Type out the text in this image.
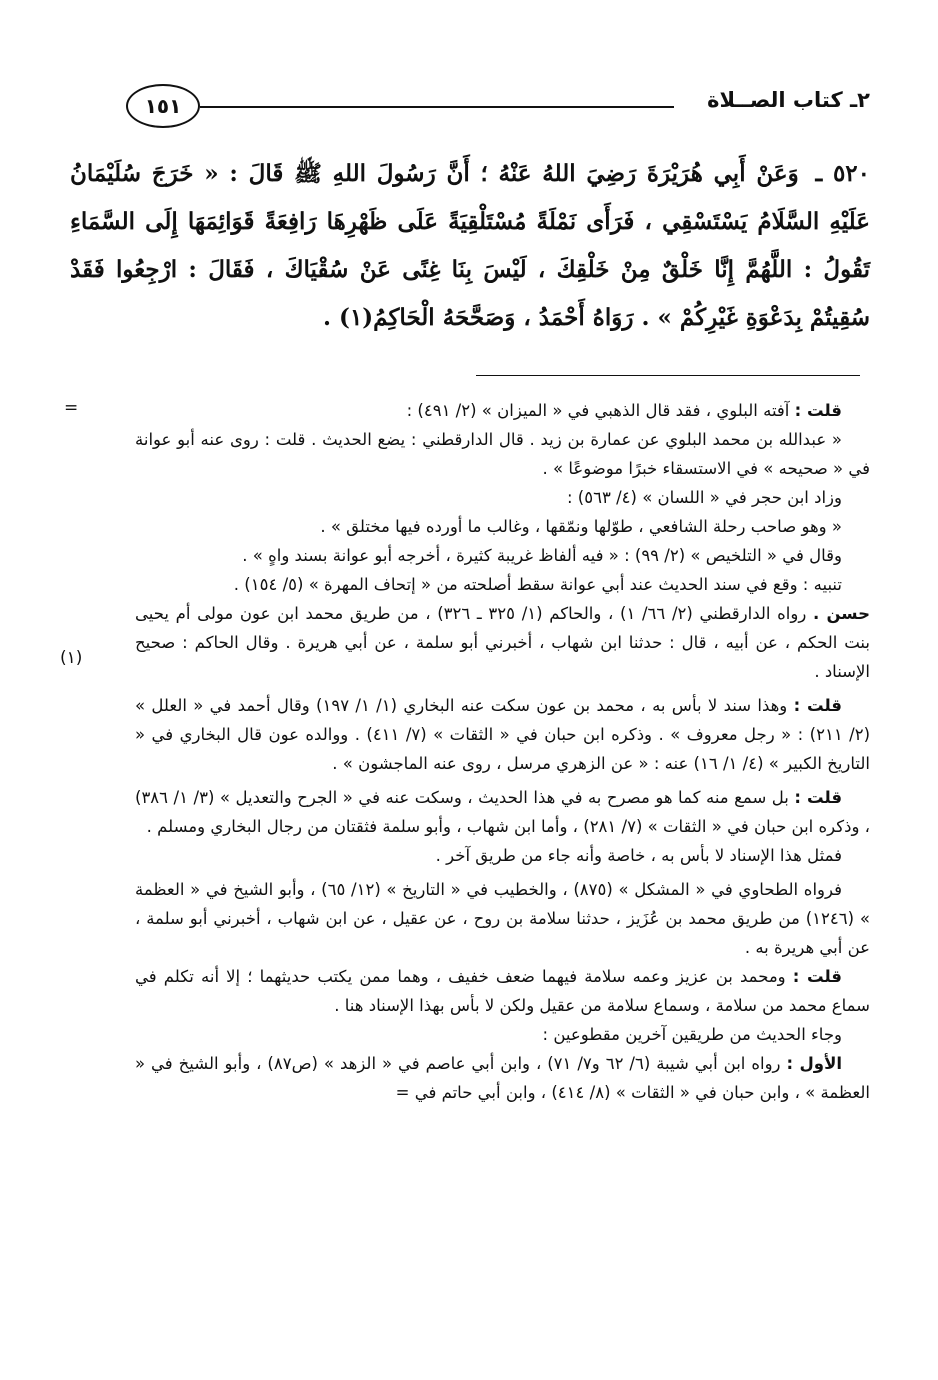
٢ـ كتاب الصــلاة
١٥١
٥٢٠ ـ وَعَنْ أَبِي هُرَيْرَةَ رَضِيَ اللهُ عَنْهُ ؛ أَنَّ رَسُولَ اللهِ ﷺ قَالَ : « خَرَجَ سُلَيْمَانُ عَلَيْهِ السَّلَامُ يَسْتَسْقِي ، فَرَأَى نَمْلَةً مُسْتَلْقِيَةً عَلَى ظَهْرِهَا رَافِعَةً قَوَائِمَهَا إِلَى السَّمَاءِ تَقُولُ : اللَّهُمَّ إِنَّا خَلْقٌ مِنْ خَلْقِكَ ، لَيْسَ بِنَا غِنًى عَنْ سُقْيَاكَ ، فَقَالَ : ارْجِعُوا فَقَدْ سُقِيتُمْ بِدَعْوَةِ غَيْرِكُمْ » . رَوَاهُ أَحْمَدُ ، وَصَحَّحَهُ الْحَاكِمُ(١) .
=
(١)

قلت : آفته البلوي ، فقد قال الذهبي في « الميزان » (٢/ ٤٩١) :

« عبدالله بن محمد البلوي عن عمارة بن زيد . قال الدارقطني : يضع الحديث . قلت : روى عنه أبو عوانة في « صحيحه » في الاستسقاء خبرًا موضوعًا » .

وزاد ابن حجر في « اللسان » (٤/ ٥٦٣) :

« وهو صاحب رحلة الشافعي ، طوّلها ونمّقها ، وغالب ما أورده فيها مختلق » .

وقال في « التلخيص » (٢/ ٩٩) : « فيه ألفاظ غريبة كثيرة ، أخرجه أبو عوانة بسند واهٍ » .

تنبيه : وقع في سند الحديث عند أبي عوانة سقط أصلحته من « إتحاف المهرة » (٥/ ١٥٤) .

حسن . رواه الدارقطني (٢/ ٦٦/ ١) ، والحاكم (١/ ٣٢٥ ـ ٣٢٦) ، من طريق محمد ابن عون مولى أم يحيى بنت الحكم ، عن أبيه ، قال : حدثنا ابن شهاب ، أخبرني أبو سلمة ، عن أبي هريرة . وقال الحاكم : صحيح الإسناد .

قلت : وهذا سند لا بأس به ، محمد بن عون سكت عنه البخاري (١/ ١/ ١٩٧) وقال أحمد في « العلل » (٢/ ٢١١) : « رجل معروف » . وذكره ابن حبان في « الثقات » (٧/ ٤١١) . ووالده عون قال البخاري في « التاريخ الكبير » (٤/ ١/ ١٦) عنه : « عن الزهري مرسل ، روى عنه الماجشون » .

قلت : بل سمع منه كما هو مصرح به في هذا الحديث ، وسكت عنه في « الجرح والتعديل » (٣/ ١/ ٣٨٦) ، وذكره ابن حبان في « الثقات » (٧/ ٢٨١) ، وأما ابن شهاب ، وأبو سلمة فثقتان من رجال البخاري ومسلم .

فمثل هذا الإسناد لا بأس به ، خاصة وأنه جاء من طريق آخر .

فرواه الطحاوي في « المشكل » (٨٧٥) ، والخطيب في « التاريخ » (١٢/ ٦٥) ، وأبو الشيخ في « العظمة » (١٢٤٦) من طريق محمد بن عُزَيز ، حدثنا سلامة بن روح ، عن عقيل ، عن ابن شهاب ، أخبرني أبو سلمة ، عن أبي هريرة به .

قلت : ومحمد بن عزيز وعمه سلامة فيهما ضعف خفيف ، وهما ممن يكتب حديثهما ؛ إلا أنه تكلم في سماع محمد من سلامة ، وسماع سلامة من عقيل ولكن لا بأس بهذا الإسناد هنا .

وجاء الحديث من طريقين آخرين مقطوعين :

الأول : رواه ابن أبي شيبة (٦/ ٦٢ و٧/ ٧١) ، وابن أبي عاصم في « الزهد » (ص٨٧) ، وأبو الشيخ في « العظمة » ، وابن حبان في « الثقات » (٨/ ٤١٤) ، وابن أبي حاتم في =
